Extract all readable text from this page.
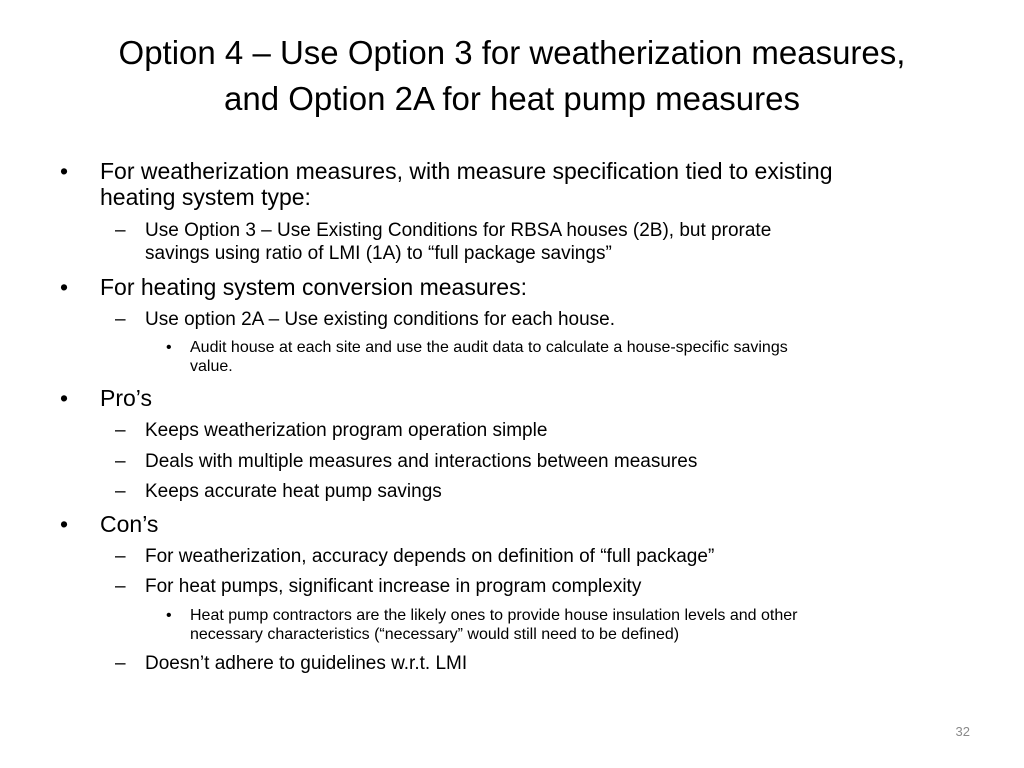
Option 4 – Use Option 3 for weatherization measures,
and Option 2A for heat pump measures
• For weatherization measures, with measure specification tied to existing
heating system type:
– Use Option 3 – Use Existing Conditions for RBSA houses (2B), but prorate
savings using ratio of LMI (1A) to “full package savings”
• For heating system conversion measures:
– Use option 2A – Use existing conditions for each house.
• Audit house at each site and use the audit data to calculate a house-specific savings
value.
• Pro’s
– Keeps weatherization program operation simple
– Deals with multiple measures and interactions between measures
– Keeps accurate heat pump savings
• Con’s
– For weatherization, accuracy depends on definition of “full package”
– For heat pumps, significant increase in program complexity
• Heat pump contractors are the likely ones to provide house insulation levels and other
necessary characteristics (“necessary” would still need to be defined)
– Doesn’t adhere to guidelines w.r.t. LMI
32
